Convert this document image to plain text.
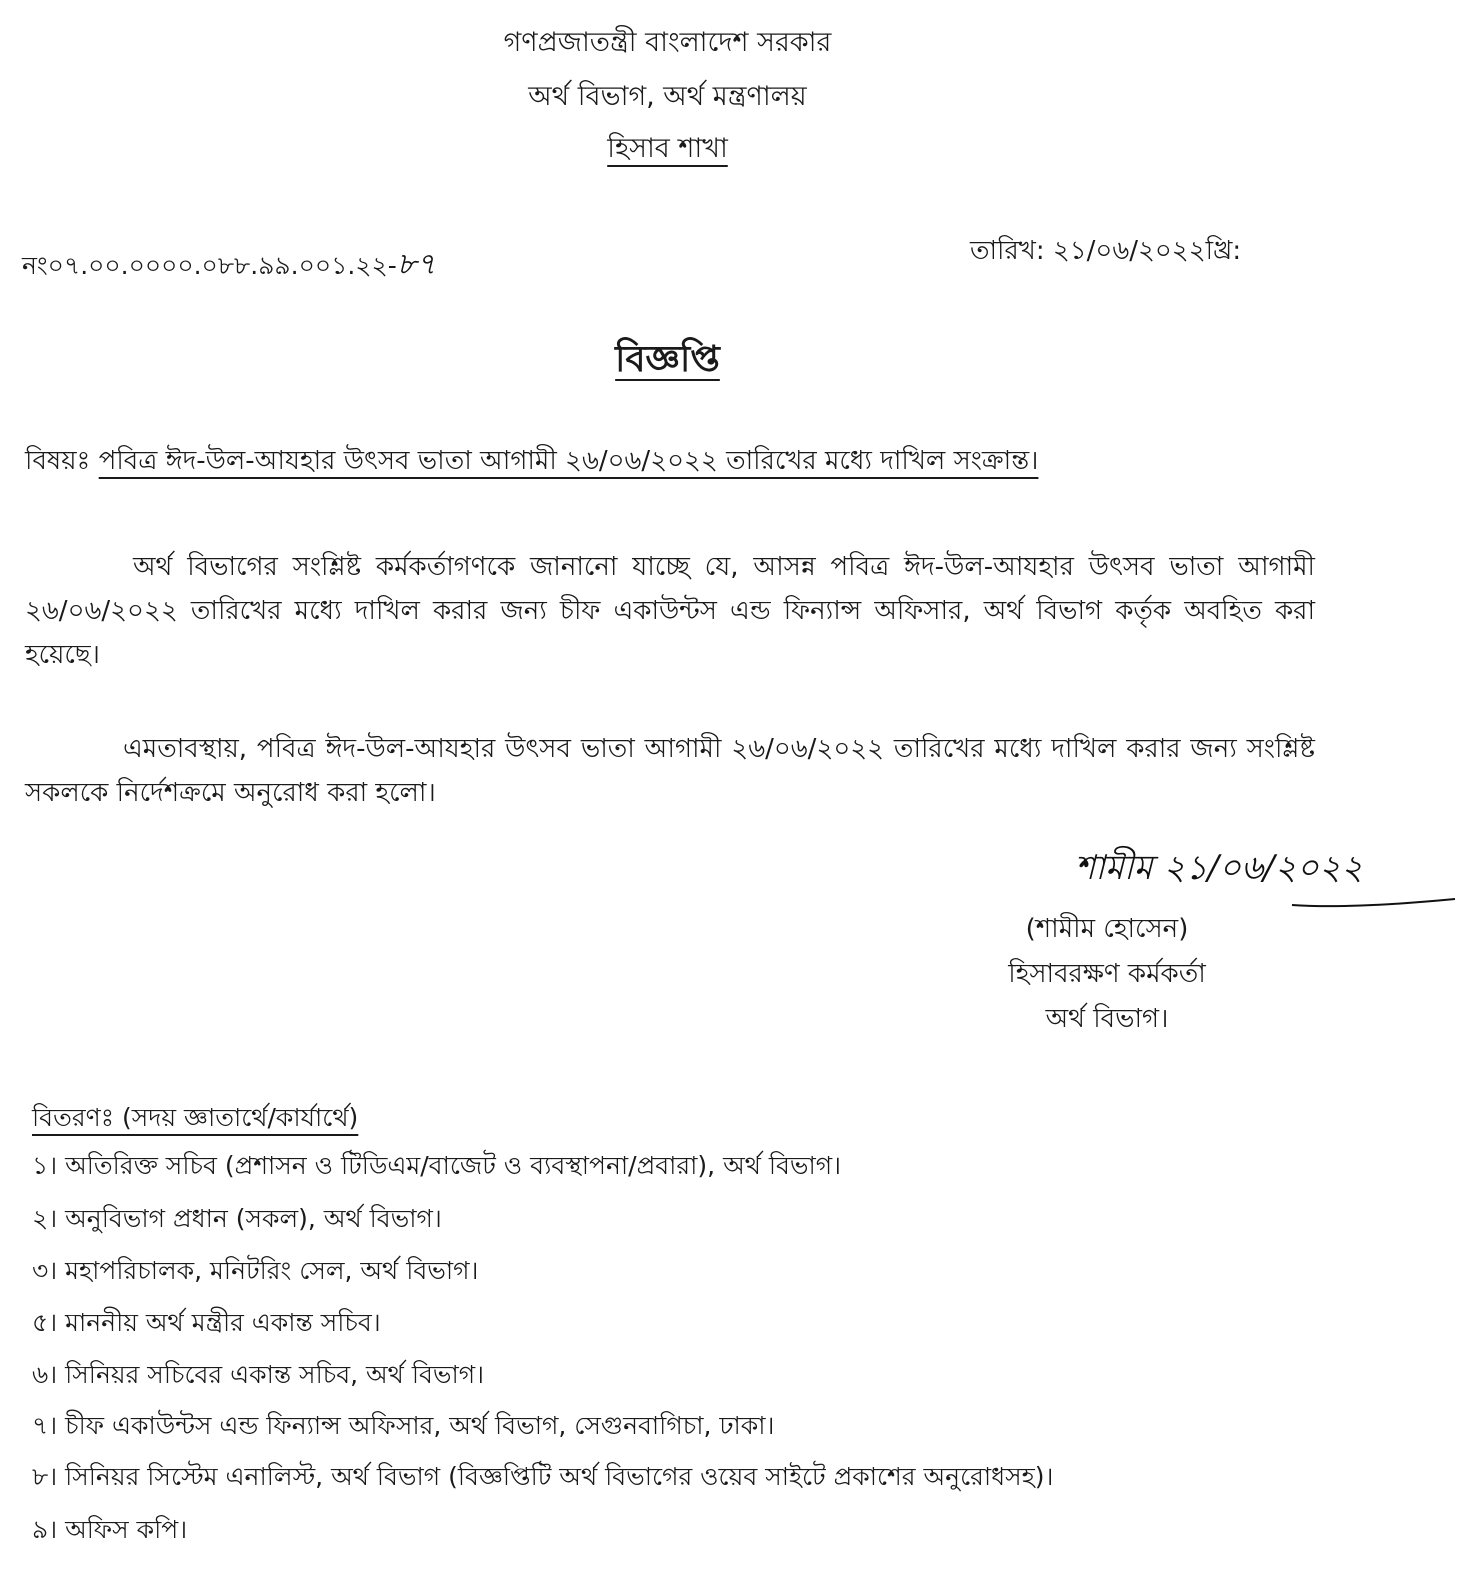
গণপ্রজাতন্ত্রী বাংলাদেশ সরকার
অর্থ বিভাগ, অর্থ মন্ত্রণালয়
হিসাব শাখা
নং০৭.০০.০০০০.০৮৮.৯৯.০০১.২২-৮৭	তারিখ: ২১/০৬/২০২২খ্রি:
বিজ্ঞপ্তি
বিষয়ঃ পবিত্র ঈদ-উল-আযহার উৎসব ভাতা আগামী ২৬/০৬/২০২২ তারিখের মধ্যে দাখিল সংক্রান্ত।
অর্থ বিভাগের সংশ্লিষ্ট কর্মকর্তাগণকে জানানো যাচ্ছে যে, আসন্ন পবিত্র ঈদ-উল-আযহার উৎসব ভাতা আগামী ২৬/০৬/২০২২ তারিখের মধ্যে দাখিল করার জন্য চীফ একাউন্টস এন্ড ফিন্যান্স অফিসার, অর্থ বিভাগ কর্তৃক অবহিত করা হয়েছে।
এমতাবস্থায়, পবিত্র ঈদ-উল-আযহার উৎসব ভাতা আগামী ২৬/০৬/২০২২ তারিখের মধ্যে দাখিল করার জন্য সংশ্লিষ্ট সকলকে নির্দেশক্রমে অনুরোধ করা হলো।
শামীম ২১/০৬/২০২২
(শামীম হোসেন)
হিসাবরক্ষণ কর্মকর্তা
অর্থ বিভাগ।
বিতরণঃ (সদয় জ্ঞাতার্থে/কার্যার্থে)
১। অতিরিক্ত সচিব (প্রশাসন ও টিডিএম/বাজেট ও ব্যবস্থাপনা/প্রবারা), অর্থ বিভাগ।
২। অনুবিভাগ প্রধান (সকল), অর্থ বিভাগ।
৩। মহাপরিচালক, মনিটরিং সেল, অর্থ বিভাগ।
৫। মাননীয় অর্থ মন্ত্রীর একান্ত সচিব।
৬। সিনিয়র সচিবের একান্ত সচিব, অর্থ বিভাগ।
৭। চীফ একাউন্টস এন্ড ফিন্যান্স অফিসার, অর্থ বিভাগ, সেগুনবাগিচা, ঢাকা।
৮। সিনিয়র সিস্টেম এনালিস্ট, অর্থ বিভাগ (বিজ্ঞপ্তিটি অর্থ বিভাগের ওয়েব সাইটে প্রকাশের অনুরোধসহ)।
৯। অফিস কপি।
